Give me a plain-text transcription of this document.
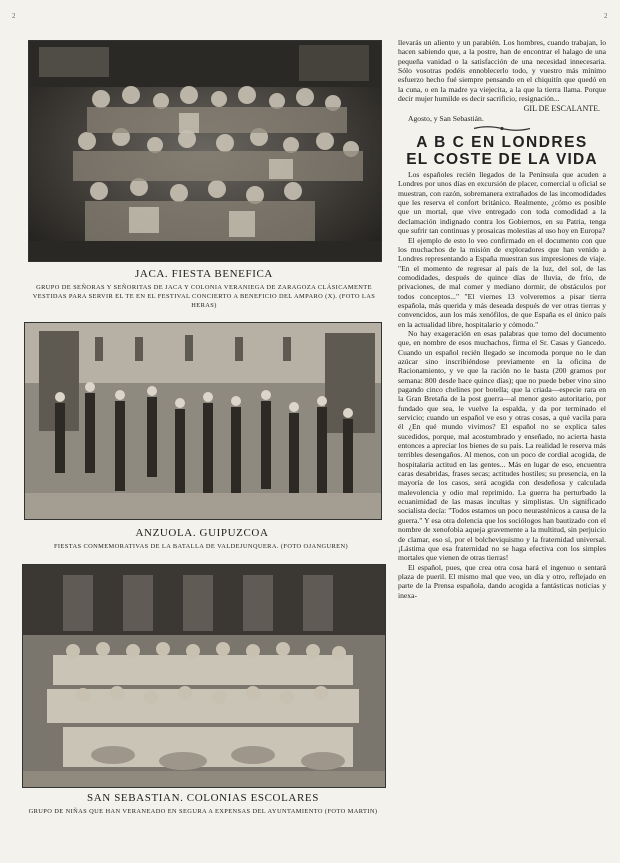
2	2
JACA. FIESTA BENEFICA
GRUPO DE SEÑORAS Y SEÑORITAS DE JACA Y COLONIA VERANIEGA DE ZARAGOZA CLÁSICAMENTE VESTIDAS PARA SERVIR EL TE EN EL FESTIVAL CONCIERTO A BENEFICIO DEL AMPARO (X). (FOTO LAS HERAS)
ANZUOLA. GUIPUZCOA
FIESTAS CONMEMORATIVAS DE LA BATALLA DE VALDEJUNQUERA. (FOTO OJANGUREN)
SAN SEBASTIAN. COLONIAS ESCOLARES
GRUPO DE NIÑAS QUE HAN VERANEADO EN SEGURA A EXPENSAS DEL AYUNTAMIENTO (FOTO MARTIN)

llevarás un aliento y un parabién. Los hombres, cuando trabajan, lo hacen sabiendo que, a la postre, han de encontrar el halago de una pequeña vanidad o la satisfacción de una necesidad innecesaria. Sólo vosotras podéis ennoblecerlo todo, y vuestro más mínimo esfuerzo hecho fué siempre pensando en el chiquitín que quedó en la cuna, o en la madre ya viejecita, a la que la tierra llama. Porque decir mujer humilde es decir sacrificio, resignación...

GIL DE ESCALANTE.
Agosto, y San Sebastián.
A B C EN LONDRES
EL COSTE DE LA VIDA

Los españoles recién llegados de la Península que acuden a Londres por unos días en excursión de placer, comercial u oficial se muestran, con razón, sobremanera extrañados de las incomodidades que les reserva el confort británico. Realmente, ¿cómo es posible que un mortal, que vive entregado con toda comodidad a la declamación indignado contra los Gobiernos, en su Patria, tenga que sufrir tan continuas y prosaicas molestias al uso hoy en Europa?

El ejemplo de esto lo veo confirmado en el documento con que los muchachos de la misión de exploradores que han venido a Londres representando a España muestran sus impresiones de viaje. "En el momento de regresar al país de la luz, del sol, de las comodidades, después de quince días de lluvia, de frío, de privaciones, de mal comer y mediano dormir, de obstáculos por todos conceptos..." "El viernes 13 volveremos a pisar tierra española, más querida y más deseada después de ver otras tierras y convencidos, aun los más xenófilos, de que España es el único país en la actualidad libre, hospitalario y cómodo."

No hay exageración en esas palabras que tomo del documento que, en nombre de esos muchachos, firma el Sr. Casas y Gancedo. Cuando un español recién llegado se incomoda porque no le dan azúcar sino inscribiéndose previamente en la oficina de Racionamiento, y ve que la ración no le basta (200 gramos por semana: 800 desde hace quince días); que no puede beber vino sino pagando cinco chelines por botella; que la criada—especie rara en la Gran Bretaña de la post guerra—al menor gesto autoritario, por fundado que sea, le vuelve la espalda, y da por terminado el servicio; cuando un español ve eso y otras cosas, a qué vacila para él ¿En qué mundo vivimos? El español no se explica tales sucedidos, porque, mal acostumbrado y enseñado, no acierta hasta entonces a apreciar los bienes de su país. La realidad le reserva más terribles desengaños. Al menos, con un poco de cordial acogida, de hospitalaria actitud en las gentes... Más en lugar de eso, encuentra caras desabridas, frases secas; actitudes hostiles; su presencia, en la mayoría de los casos, será acogida con desdeñosa y calculada malevolencia y odio mal reprimido. La guerra ha perturbado la ecuanimidad de las masas incultas y simplistas. Un significado socialista decía: "Todos estamos un poco neurasténicos a causa de la guerra." Y esa otra dolencia que los sociólogos han bautizado con el nombre de xenofobia aqueja gravemente a la multitud, sin perjuicio de clamar, eso sí, por el bolcheviquismo y la fraternidad universal. ¡Lástima que esa fraternidad no se haga efectiva con los simples mortales que vienen de otras tierras!

El español, pues, que crea otra cosa hará el ingenuo o sentará plaza de pueril. El mismo mal que veo, un día y otro, reflejado en parte de la Prensa española, dando acogida a fantásticas noticias y inexa-
